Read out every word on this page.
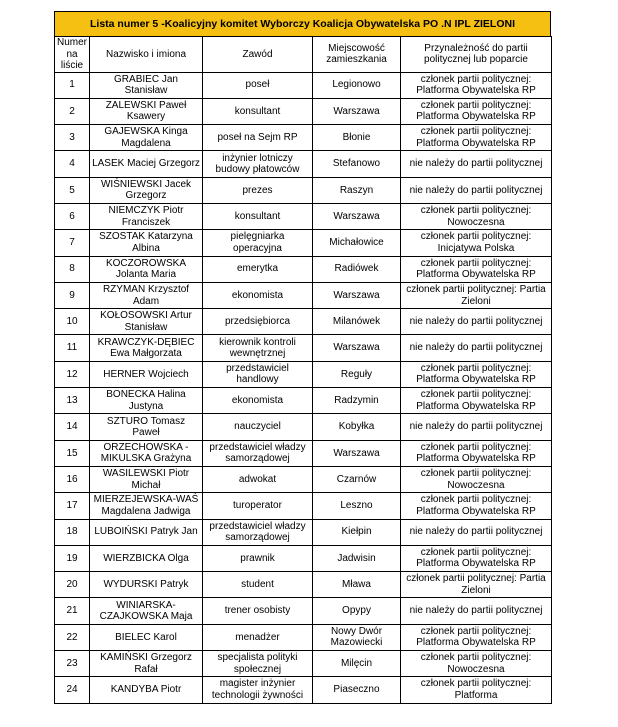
Lista numer 5 -Koalicyjny komitet Wyborczy Koalicja Obywatelska PO .N IPL ZIELONI
Numer na liście	Nazwisko i imiona	Zawód	Miejscowość zamieszkania	Przynależność do partii politycznej lub poparcie
1	GRABIEC Jan Stanisław	poseł	Legionowo	członek partii politycznej: Platforma Obywatelska RP
2	ZALEWSKI Paweł Ksawery	konsultant	Warszawa	członek partii politycznej: Platforma Obywatelska RP
3	GAJEWSKA Kinga Magdalena	poseł na Sejm RP	Błonie	członek partii politycznej: Platforma Obywatelska RP
4	LASEK Maciej Grzegorz	inżynier lotniczy budowy płatowców	Stefanowo	nie należy do partii politycznej
5	WIŚNIEWSKI Jacek Grzegorz	prezes	Raszyn	nie należy do partii politycznej
6	NIEMCZYK Piotr Franciszek	konsultant	Warszawa	członek partii politycznej: Nowoczesna
7	SZOSTAK Katarzyna Albina	pielęgniarka operacyjna	Michałowice	członek partii politycznej: Inicjatywa Polska
8	KOCZOROWSKA Jolanta Maria	emerytka	Radiówek	członek partii politycznej: Platforma Obywatelska RP
9	RZYMAN Krzysztof Adam	ekonomista	Warszawa	członek partii politycznej: Partia Zieloni
10	KOŁOSOWSKI Artur Stanisław	przedsiębiorca	Milanówek	nie należy do partii politycznej
11	KRAWCZYK-DĘBIEC Ewa Małgorzata	kierownik kontroli wewnętrznej	Warszawa	nie należy do partii politycznej
12	HERNER Wojciech	przedstawiciel handlowy	Reguły	członek partii politycznej: Platforma Obywatelska RP
13	BONECKA Halina Justyna	ekonomista	Radzymin	członek partii politycznej: Platforma Obywatelska RP
14	SZTURO Tomasz Paweł	nauczyciel	Kobyłka	nie należy do partii politycznej
15	ORZECHOWSKA - MIKULSKA Grażyna	przedstawiciel władzy samorządowej	Warszawa	członek partii politycznej: Platforma Obywatelska RP
16	WASILEWSKI Piotr Michał	adwokat	Czarnów	członek partii politycznej: Nowoczesna
17	MIERZEJEWSKA-WAŚ Magdalena Jadwiga	turoperator	Leszno	członek partii politycznej: Platforma Obywatelska RP
18	LUBOIŃSKI Patryk Jan	przedstawiciel władzy samorządowej	Kiełpin	nie należy do partii politycznej
19	WIERZBICKA Olga	prawnik	Jadwisin	członek partii politycznej: Platforma Obywatelska RP
20	WYDURSKI Patryk	student	Mława	członek partii politycznej: Partia Zieloni
21	WINIARSKA-CZAJKOWSKA Maja	trener osobisty	Opypy	nie należy do partii politycznej
22	BIELEC Karol	menadżer	Nowy Dwór Mazowiecki	członek partii politycznej: Platforma Obywatelska RP
23	KAMIŃSKI Grzegorz Rafał	specjalista polityki społecznej	Milęcin	członek partii politycznej: Nowoczesna
24	KANDYBA Piotr	magister inżynier technologii żywności	Piaseczno	członek partii politycznej: Platforma
